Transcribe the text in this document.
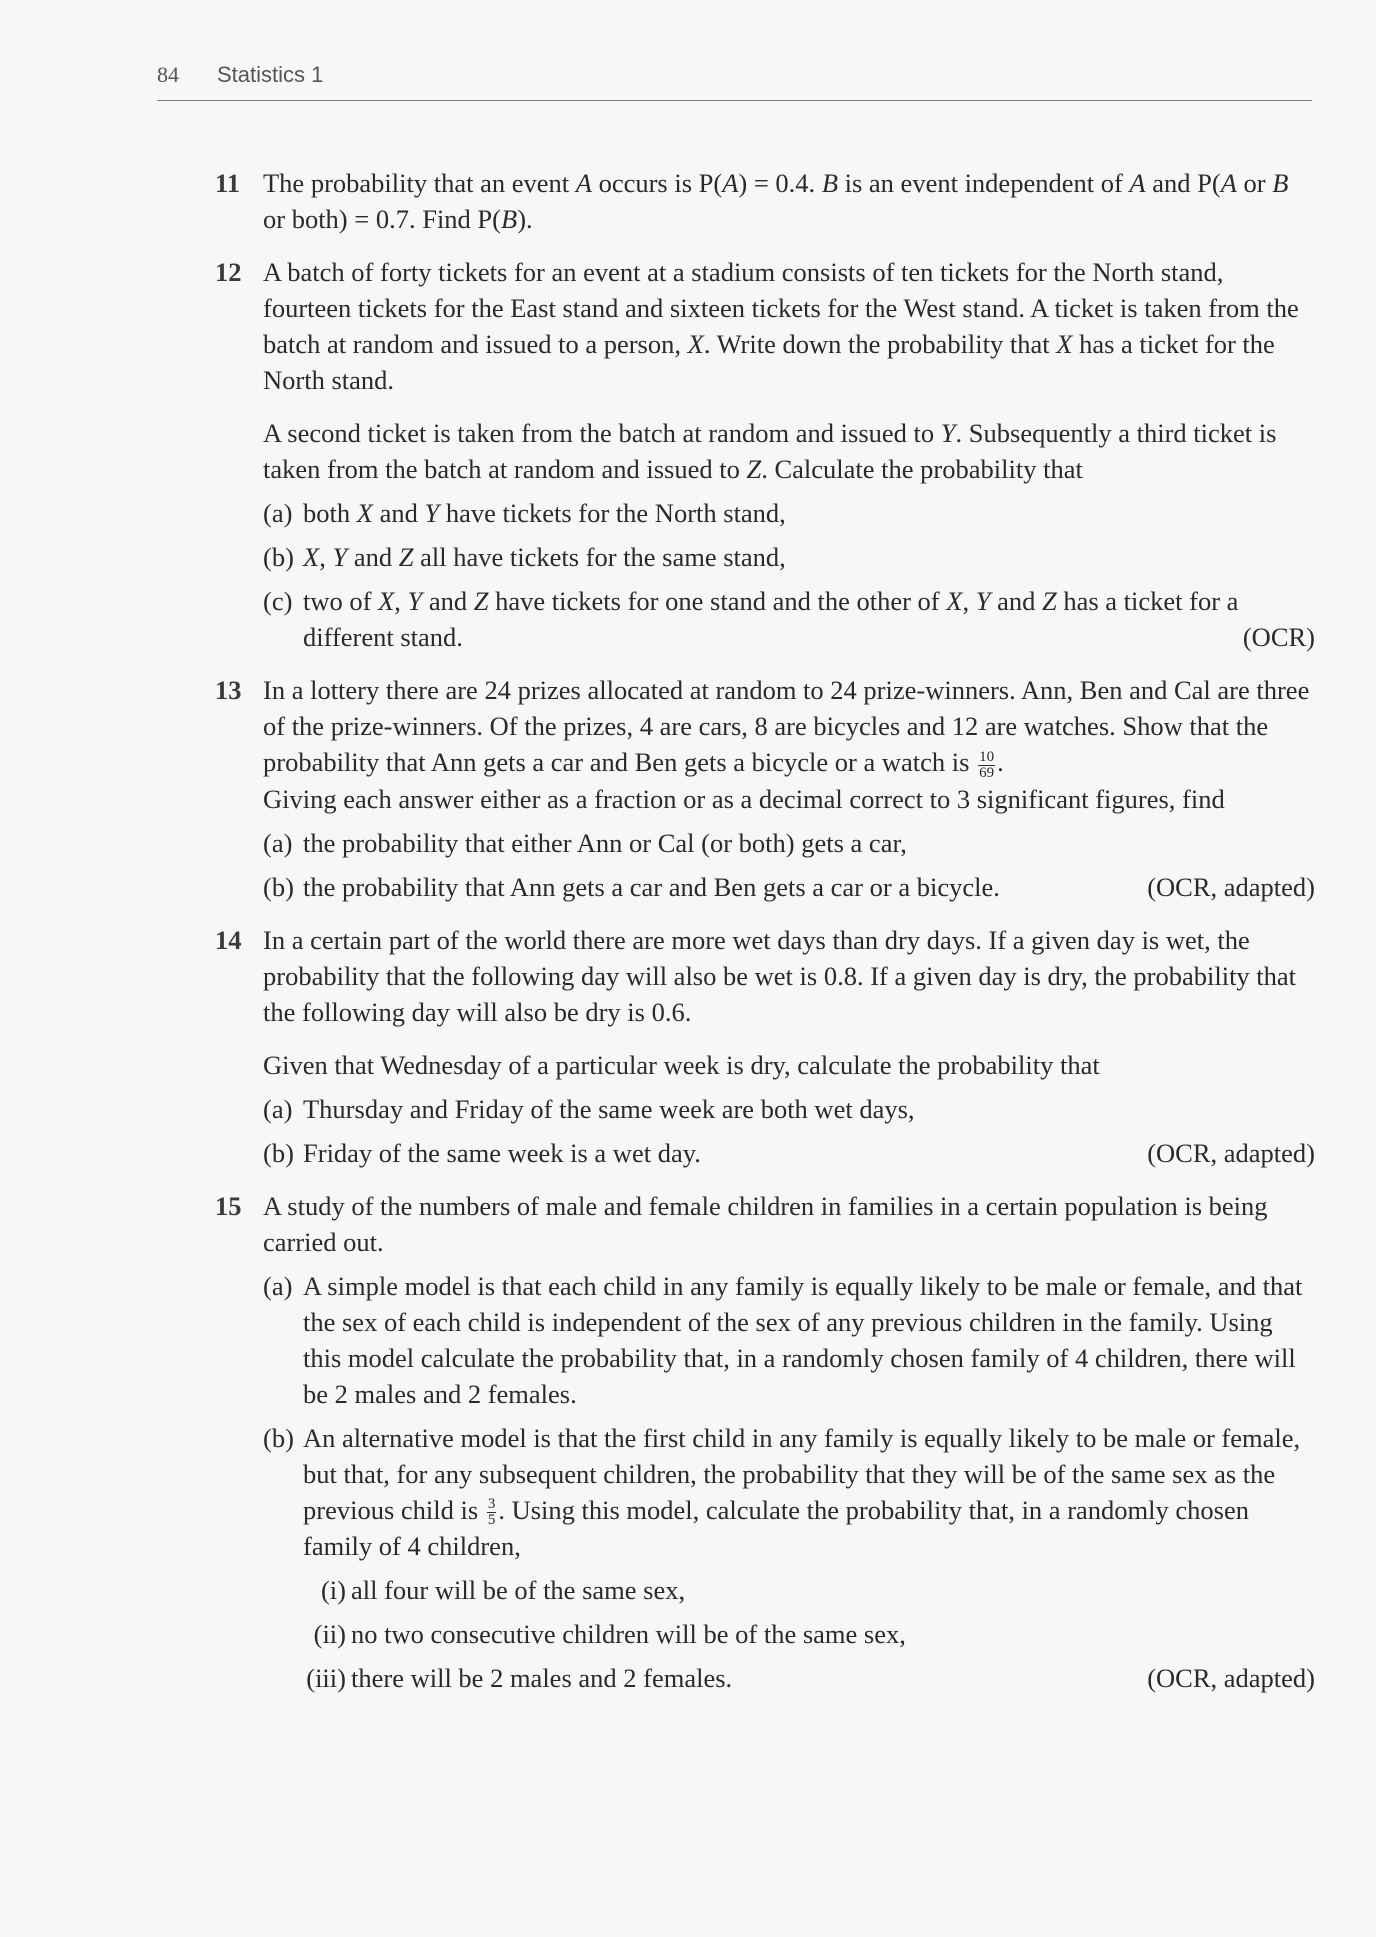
84 Statistics 1
11 The probability that an event A occurs is P(A) = 0.4. B is an event independent of A and P(A or B or both) = 0.7. Find P(B).

12 A batch of forty tickets for an event at a stadium consists of ten tickets for the North stand, fourteen tickets for the East stand and sixteen tickets for the West stand. A ticket is taken from the batch at random and issued to a person, X. Write down the probability that X has a ticket for the North stand.

A second ticket is taken from the batch at random and issued to Y. Subsequently a third ticket is taken from the batch at random and issued to Z. Calculate the probability that

(a) both X and Y have tickets for the North stand,
(b) X, Y and Z all have tickets for the same stand,
(c) two of X, Y and Z have tickets for one stand and the other of X, Y and Z has a ticket for a different stand.	(OCR)
13 In a lottery there are 24 prizes allocated at random to 24 prize-winners. Ann, Ben and Cal are three of the prize-winners. Of the prizes, 4 are cars, 8 are bicycles and 12 are watches. Show that the probability that Ann gets a car and Ben gets a bicycle or a watch is $\frac{10}{69}$ .
Giving each answer either as a fraction or as a decimal correct to 3 significant figures, find

(a) the probability that either Ann or Cal (or both) gets a car,
(b) the probability that Ann gets a car and Ben gets a car or a bicycle.	(OCR, adapted)
14 In a certain part of the world there are more wet days than dry days. If a given day is wet, the probability that the following day will also be wet is 0.8. If a given day is dry, the probability that the following day will also be dry is 0.6.

Given that Wednesday of a particular week is dry, calculate the probability that

(a) Thursday and Friday of the same week are both wet days,
(b) Friday of the same week is a wet day.	(OCR, adapted)
15 A study of the numbers of male and female children in families in a certain population is being carried out.

(a) A simple model is that each child in any family is equally likely to be male or female, and that the sex of each child is independent of the sex of any previous children in the family. Using this model calculate the probability that, in a randomly chosen family of 4 children, there will be 2 males and 2 females.
(b) An alternative model is that the first child in any family is equally likely to be male or female, but that, for any subsequent children, the probability that they will be of the same sex as the previous child is $\frac{3}{5}$ . Using this model, calculate the probability that, in a randomly chosen family of 4 children,
(i) all four will be of the same sex,
(ii) no two consecutive children will be of the same sex,
(iii) there will be 2 males and 2 females.	(OCR, adapted)
